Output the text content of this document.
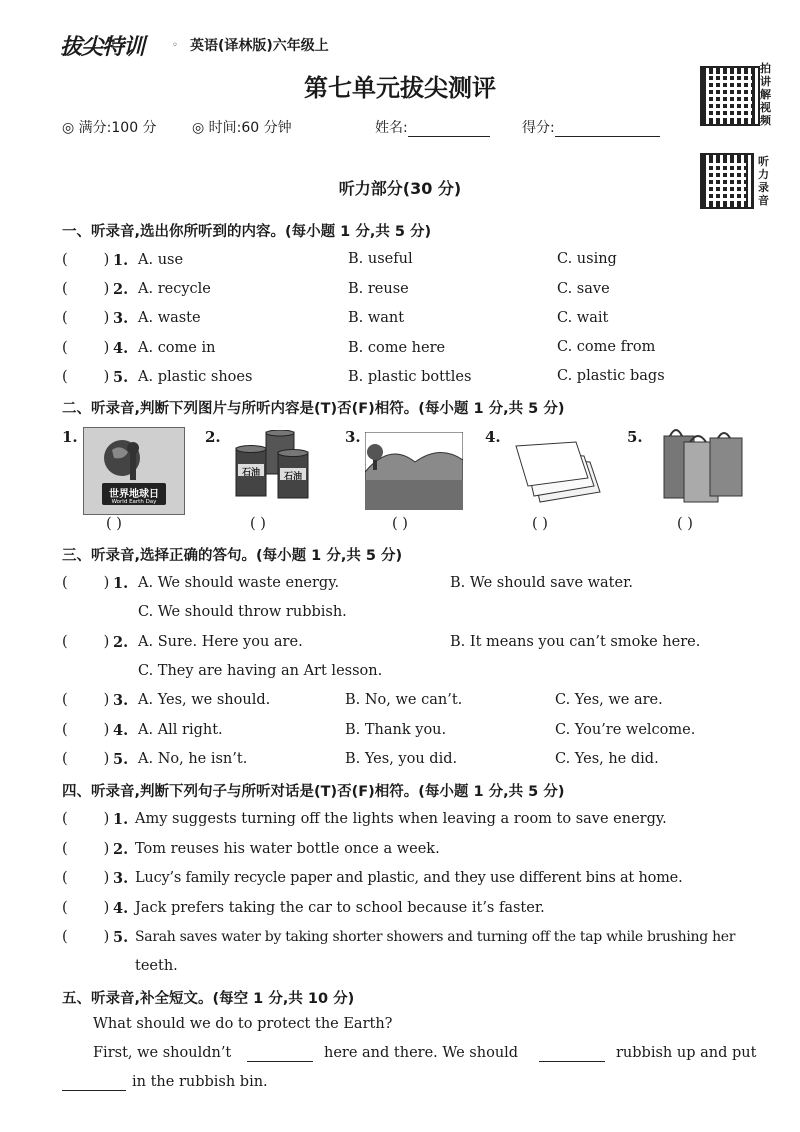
拔尖特训	◦ 英语(译林版)六年级上
第七单元拔尖测评
拍
讲
解
视
频
◎ 满分:100 分	◎ 时间:60 分钟	姓名:	得分:
听
力
录
音
听力部分(30 分)
一、听录音,选出你所听到的内容。(每小题 1 分,共 5 分)
( ) 1. A. use	B. useful	C. using
( ) 2. A. recycle	B. reuse	C. save
( ) 3. A. waste	B. want	C. wait
( ) 4. A. come in	B. come here	C. come from
( ) 5. A. plastic shoes	B. plastic bottles	C. plastic bags
二、听录音,判断下列图片与所听内容是(T)否(F)相符。(每小题 1 分,共 5 分)
1.
世界地球日
World Earth Day
2.
石油	石油
3.	4.	5.
( )	( )	( )	( )	( )
三、听录音,选择正确的答句。(每小题 1 分,共 5 分)
( ) 1. A. We should waste energy.	B. We should save water.
C. We should throw rubbish.
( ) 2. A. Sure. Here you are.	B. It means you can’t smoke here.
C. They are having an Art lesson.
( ) 3. A. Yes, we should.	B. No, we can’t.	C. Yes, we are.
( ) 4. A. All right.	B. Thank you.	C. You’re welcome.
( ) 5. A. No, he isn’t.	B. Yes, you did.	C. Yes, he did.
四、听录音,判断下列句子与所听对话是(T)否(F)相符。(每小题 1 分,共 5 分)
( ) 1. Amy suggests turning off the lights when leaving a room to save energy.
( ) 2. Tom reuses his water bottle once a week.
( ) 3. Lucy’s family recycle paper and plastic, and they use different bins at home.
( ) 4. Jack prefers taking the car to school because it’s faster.
( ) 5. Sarah saves water by taking shorter showers and turning off the tap while brushing her
teeth.
五、听录音,补全短文。(每空 1 分,共 10 分)
What should we do to protect the Earth?
First, we shouldn’t	here and there. We should	rubbish up and put
in the rubbish bin.
